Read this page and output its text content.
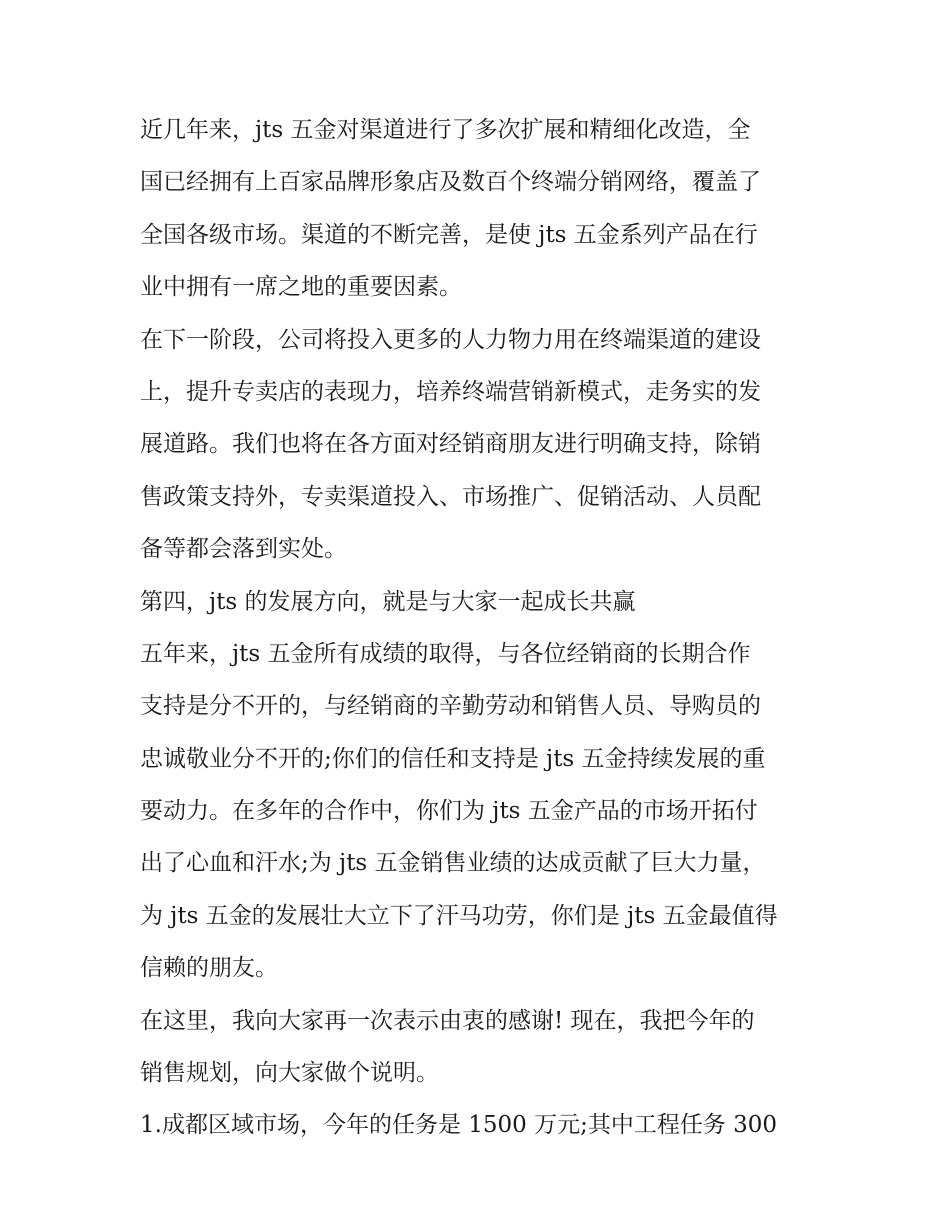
近几年来，jts 五金对渠道进行了多次扩展和精细化改造，全
国已经拥有上百家品牌形象店及数百个终端分销网络，覆盖了
全国各级市场。渠道的不断完善，是使 jts 五金系列产品在行
业中拥有一席之地的重要因素。
在下一阶段，公司将投入更多的人力物力用在终端渠道的建设
上，提升专卖店的表现力，培养终端营销新模式，走务实的发
展道路。我们也将在各方面对经销商朋友进行明确支持，除销
售政策支持外，专卖渠道投入、市场推广、促销活动、人员配
备等都会落到实处。
第四，jts 的发展方向，就是与大家一起成长共赢
五年来，jts 五金所有成绩的取得，与各位经销商的长期合作
支持是分不开的，与经销商的辛勤劳动和销售人员、导购员的
忠诚敬业分不开的;你们的信任和支持是 jts 五金持续发展的重
要动力。在多年的合作中，你们为 jts 五金产品的市场开拓付
出了心血和汗水;为 jts 五金销售业绩的达成贡献了巨大力量，
为 jts 五金的发展壮大立下了汗马功劳，你们是 jts 五金最值得
信赖的朋友。
在这里，我向大家再一次表示由衷的感谢! 现在，我把今年的
销售规划，向大家做个说明。
1.成都区域市场，今年的任务是 1500 万元;其中工程任务 300
